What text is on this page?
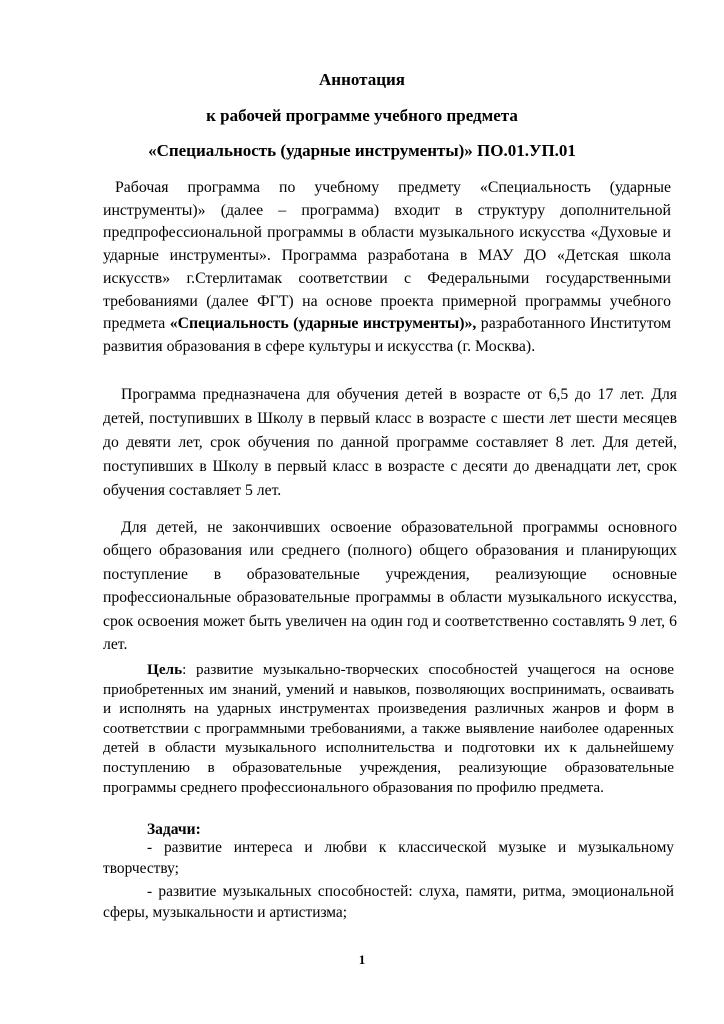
Аннотация
к рабочей программе учебного предмета
«Специальность (ударные инструменты)» ПО.01.УП.01

Рабочая программа по учебному предмету «Специальность (ударные инструменты)» (далее – программа) входит в структуру дополнительной предпрофессиональной программы в области музыкального искусства «Духовые и ударные инструменты». Программа разработана в МАУ ДО «Детская школа искусств» г.Стерлитамак соответствии с Федеральными государственными требованиями (далее ФГТ) на основе проекта примерной программы учебного предмета «Специальность (ударные инструменты)», разработанного Институтом развития образования в сфере культуры и искусства (г. Москва).

Программа предназначена для обучения детей в возрасте от 6,5 до 17 лет. Для детей, поступивших в Школу в первый класс в возрасте с шести лет шести месяцев до девяти лет, срок обучения по данной программе составляет 8 лет. Для детей, поступивших в Школу в первый класс в возрасте с десяти до двенадцати лет, срок обучения составляет 5 лет.

Для детей, не закончивших освоение образовательной программы основного общего образования или среднего (полного) общего образования и планирующих поступление в образовательные учреждения, реализующие основные профессиональные образовательные программы в области музыкального искусства, срок освоения может быть увеличен на один год и соответственно составлять 9 лет, 6 лет.

Цель: развитие музыкально-творческих способностей учащегося на основе приобретенных им знаний, умений и навыков, позволяющих воспринимать, осваивать и исполнять на ударных инструментах произведения различных жанров и форм в соответствии с программными требованиями, а также выявление наиболее одаренных детей в области музыкального исполнительства и подготовки их к дальнейшему поступлению в образовательные учреждения, реализующие образовательные программы среднего профессионального образования по профилю предмета.

Задачи:

- развитие интереса и любви к классической музыке и музыкальному творчеству;

- развитие музыкальных способностей: слуха, памяти, ритма, эмоциональной сферы, музыкальности и артистизма;

1
